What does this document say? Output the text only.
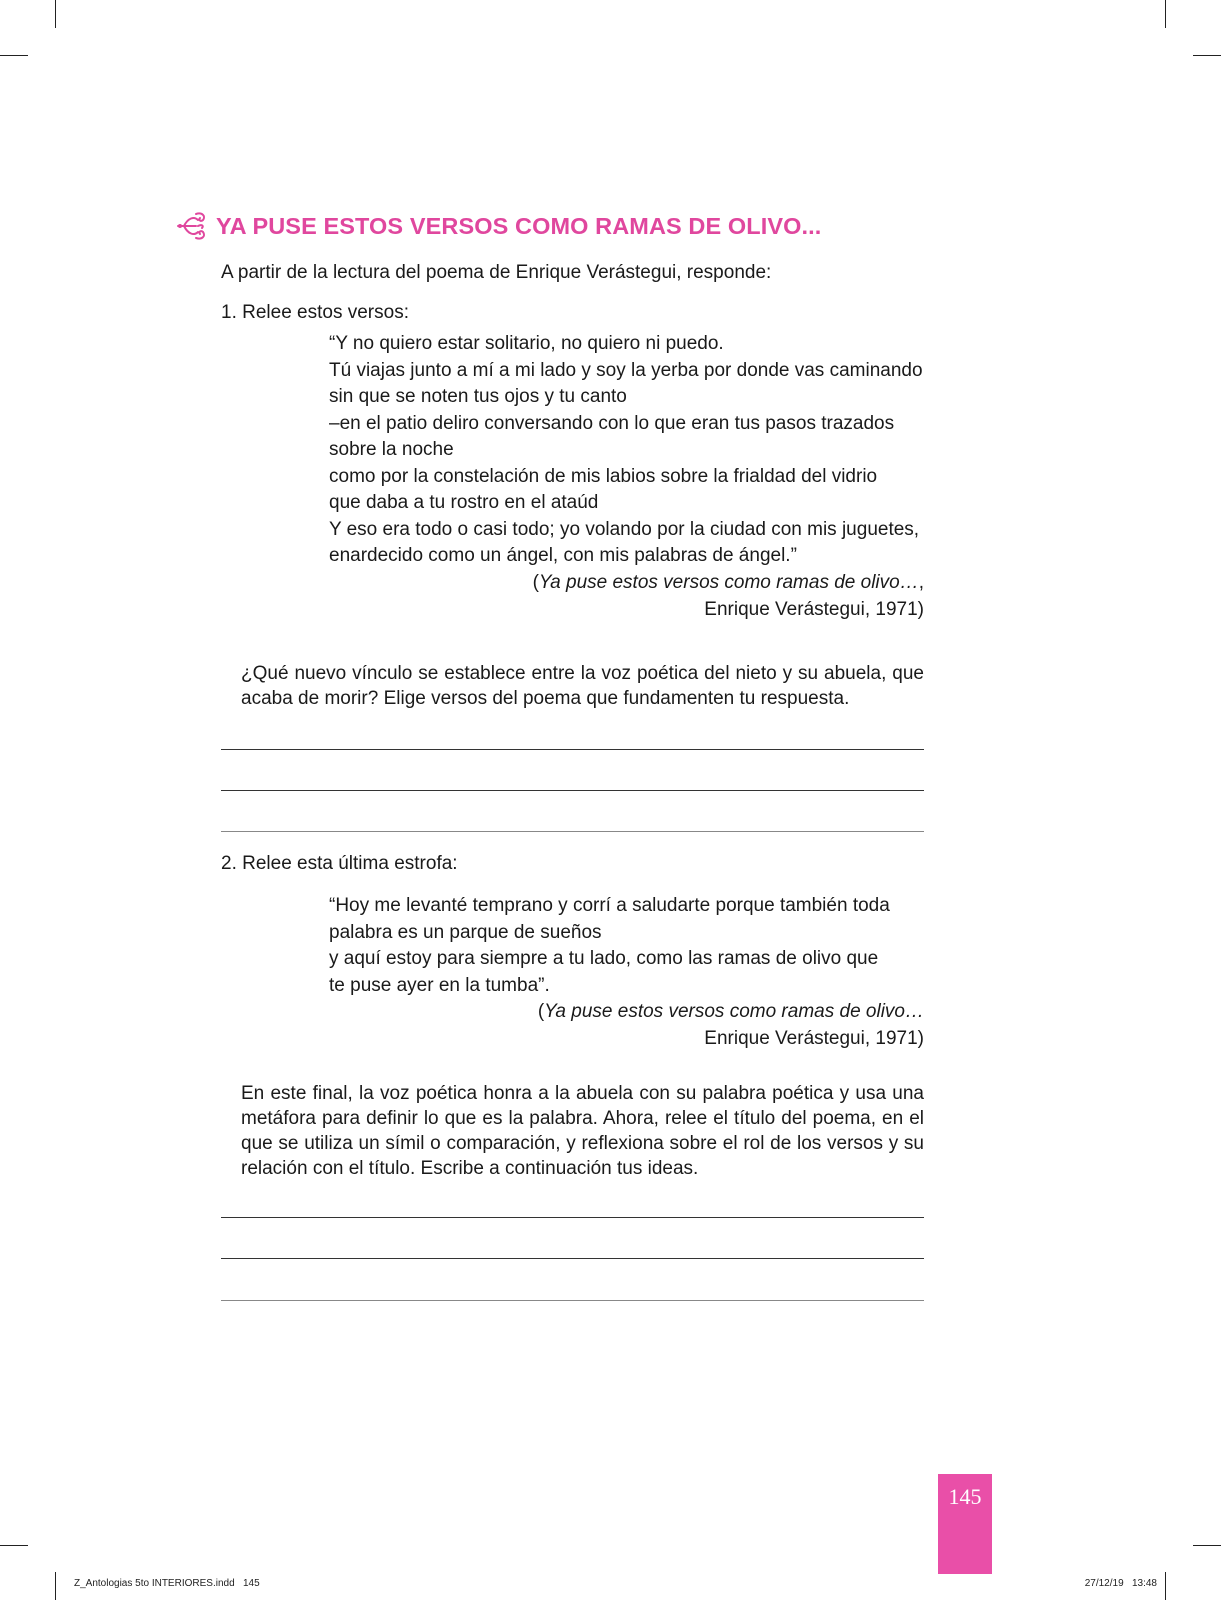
YA PUSE ESTOS VERSOS COMO RAMAS DE OLIVO...
A partir de la lectura del poema de Enrique Verástegui, responde:
1. Relee estos versos:

“Y no quiero estar solitario, no quiero ni puedo.

Tú viajas junto a mí a mi lado y soy la yerba por donde vas caminando

sin que se noten tus ojos y tu canto

–en el patio deliro conversando con lo que eran tus pasos trazados

sobre la noche

como por la constelación de mis labios sobre la frialdad del vidrio

que daba a tu rostro en el ataúd

Y eso era todo o casi todo; yo volando por la ciudad con mis juguetes,

enardecido como un ángel, con mis palabras de ángel.”

(Ya puse estos versos como ramas de olivo…,
Enrique Verástegui, 1971)
¿Qué nuevo vínculo se establece entre la voz poética del nieto y su abuela, que acaba de morir? Elige versos del poema que fundamenten tu respuesta.
2. Relee esta última estrofa:

“Hoy me levanté temprano y corrí a saludarte porque también toda

palabra es un parque de sueños

y aquí estoy para siempre a tu lado, como las ramas de olivo que

te puse ayer en la tumba”.

(Ya puse estos versos como ramas de olivo…
Enrique Verástegui, 1971)
En este final, la voz poética honra a la abuela con su palabra poética y usa una metáfora para definir lo que es la palabra. Ahora, relee el título del poema, en el que se utiliza un símil o comparación, y reflexiona sobre el rol de los versos y su relación con el título. Escribe a continuación tus ideas.
145
Z_Antologias 5to INTERIORES.indd   145	27/12/19   13:48
